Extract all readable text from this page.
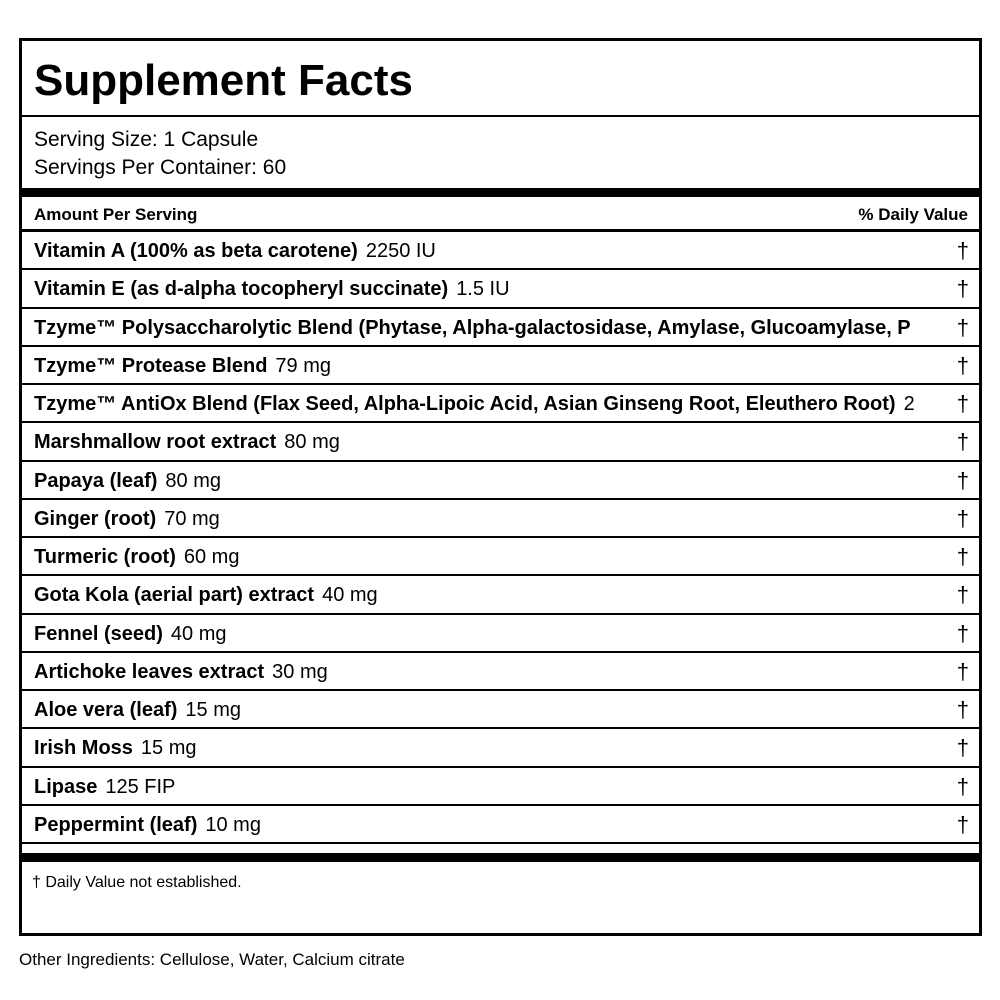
Supplement Facts
Serving Size: 1 Capsule
Servings Per Container: 60
Amount Per Serving	% Daily Value
Vitamin A (100% as beta carotene) 2250 IU	†
Vitamin E (as d-alpha tocopheryl succinate) 1.5 IU	†
Tzyme™ Polysaccharolytic Blend (Phytase, Alpha-galactosidase, Amylase, Glucoamylase, P	†
Tzyme™ Protease Blend 79 mg	†
Tzyme™ AntiOx Blend (Flax Seed, Alpha-Lipoic Acid, Asian Ginseng Root, Eleuthero Root) 2 †
Marshmallow root extract 80 mg	†
Papaya (leaf) 80 mg	†
Ginger (root) 70 mg	†
Turmeric (root) 60 mg	†
Gota Kola (aerial part) extract 40 mg	†
Fennel (seed) 40 mg	†
Artichoke leaves extract 30 mg	†
Aloe vera (leaf) 15 mg	†
Irish Moss 15 mg	†
Lipase 125 FIP	†
Peppermint (leaf) 10 mg	†
† Daily Value not established.
Other Ingredients: Cellulose, Water, Calcium citrate
